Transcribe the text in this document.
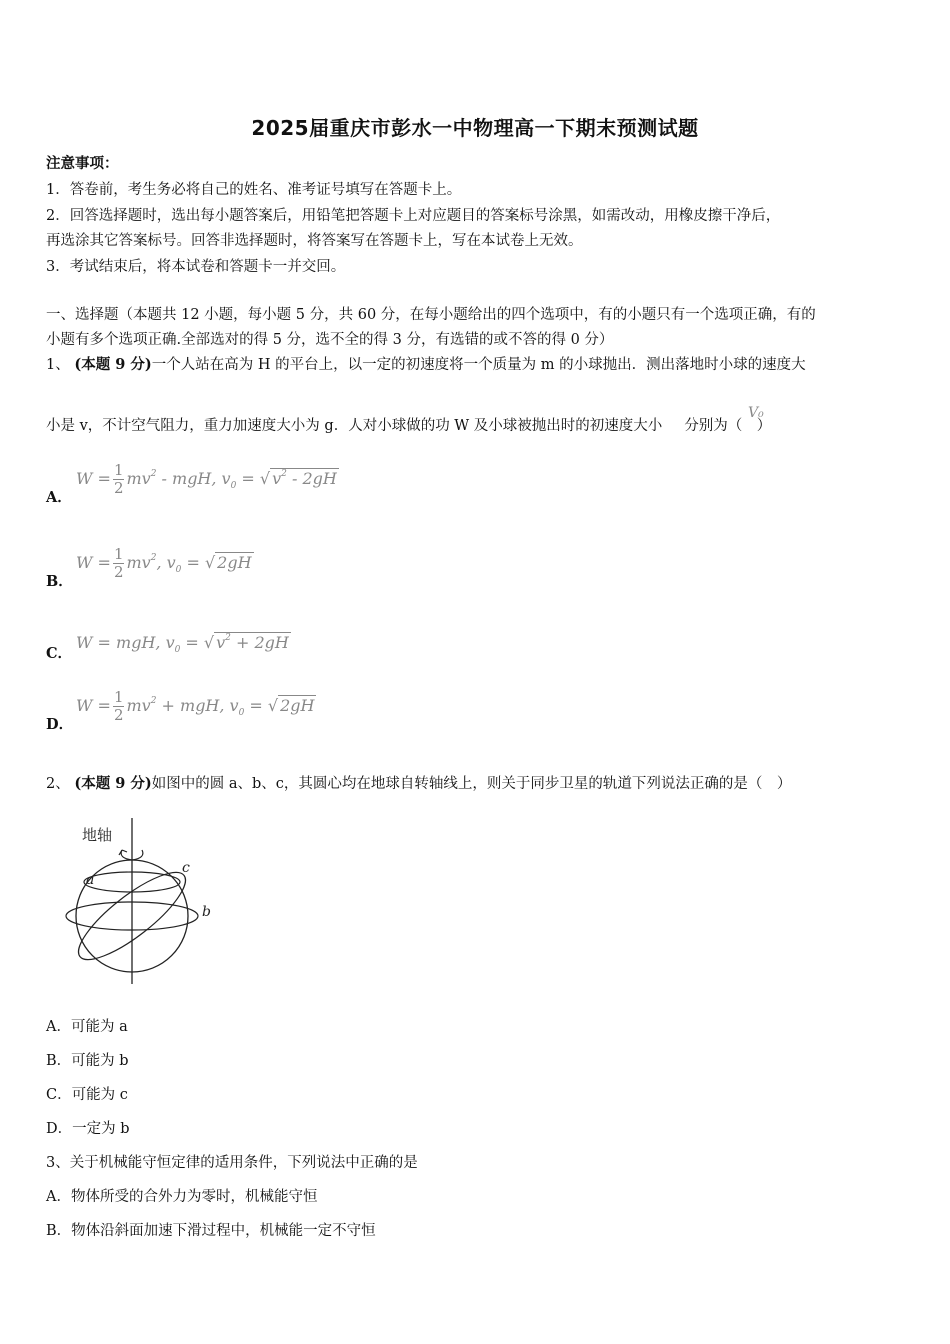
2025届重庆市彭水一中物理高一下期末预测试题
注意事项：
1．答卷前，考生务必将自己的姓名、准考证号填写在答题卡上。
2．回答选择题时，选出每小题答案后，用铅笔把答题卡上对应题目的答案标号涂黑，如需改动，用橡皮擦干净后，
再选涂其它答案标号。回答非选择题时，将答案写在答题卡上，写在本试卷上无效。
3．考试结束后，将本试卷和答题卡一并交回。
一、选择题（本题共 12 小题，每小题 5 分，共 60 分，在每小题给出的四个选项中，有的小题只有一个选项正确，有的
小题有多个选项正确.全部选对的得 5 分，选不全的得 3 分，有选错的或不答的得 0 分）
1、 (本题 9 分)一个人站在高为 H 的平台上，以一定的初速度将一个质量为 m 的小球抛出．测出落地时小球的速度大
小是 v，不计空气阻力，重力加速度大小为 g．人对小球做的功 W 及小球被抛出时的初速度大小 分别为（　）
V₀
A．
$W = \frac{1}{2} mv^2$ - mgH, $v_0$ = √ $v^2 - 2gH$
B．
$W = \frac{1}{2} mv^2$, $v_0$ = √ 2gH
C．
W = mgH, $v_0$ = √ $v^2 + 2gH$
D．
$W = \frac{1}{2} mv^2$ + mgH, $v_0$ = √ 2gH
2、 (本题 9 分)如图中的圆 a、b、c，其圆心均在地球自转轴线上，则关于同步卫星的轨道下列说法正确的是（　）
地轴
a
c
b
A．可能为 a
B．可能为 b
C．可能为 c
D．一定为 b
3、关于机械能守恒定律的适用条件，下列说法中正确的是
A．物体所受的合外力为零时，机械能守恒
B．物体沿斜面加速下滑过程中，机械能一定不守恒
